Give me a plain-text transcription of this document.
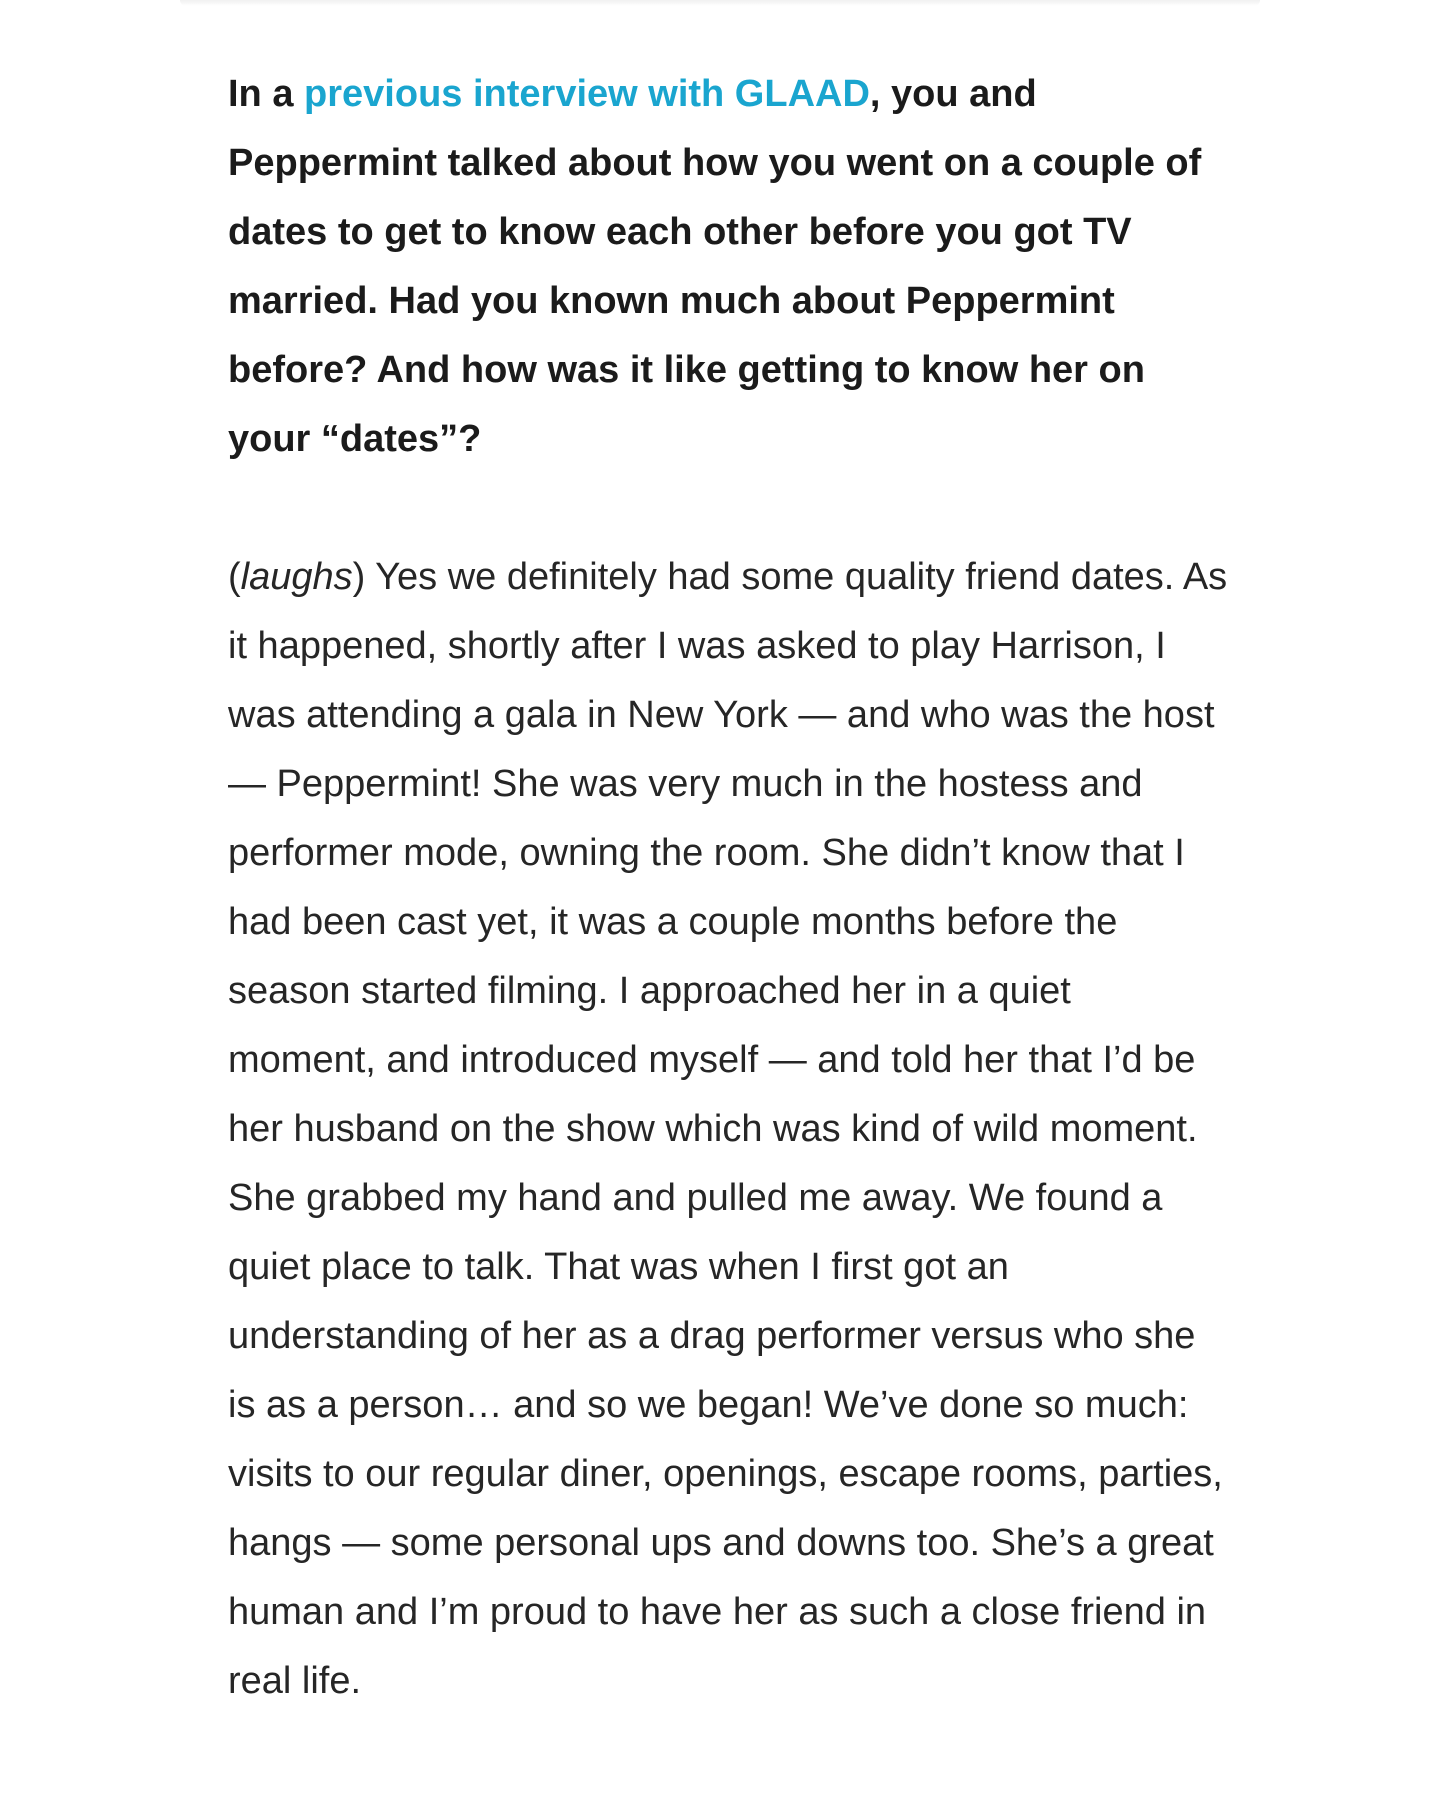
In a previous interview with GLAAD, you and Peppermint talked about how you went on a couple of dates to get to know each other before you got TV married. Had you known much about Peppermint before? And how was it like getting to know her on your “dates”?

(laughs) Yes we definitely had some quality friend dates. As it happened, shortly after I was asked to play Harrison, I was attending a gala in New York — and who was the host — Peppermint! She was very much in the hostess and performer mode, owning the room. She didn’t know that I had been cast yet, it was a couple months before the season started filming. I approached her in a quiet moment, and introduced myself — and told her that I’d be her husband on the show which was kind of wild moment. She grabbed my hand and pulled me away. We found a quiet place to talk. That was when I first got an understanding of her as a drag performer versus who she is as a person… and so we began! We’ve done so much: visits to our regular diner, openings, escape rooms, parties, hangs — some personal ups and downs too. She’s a great human and I’m proud to have her as such a close friend in real life.
